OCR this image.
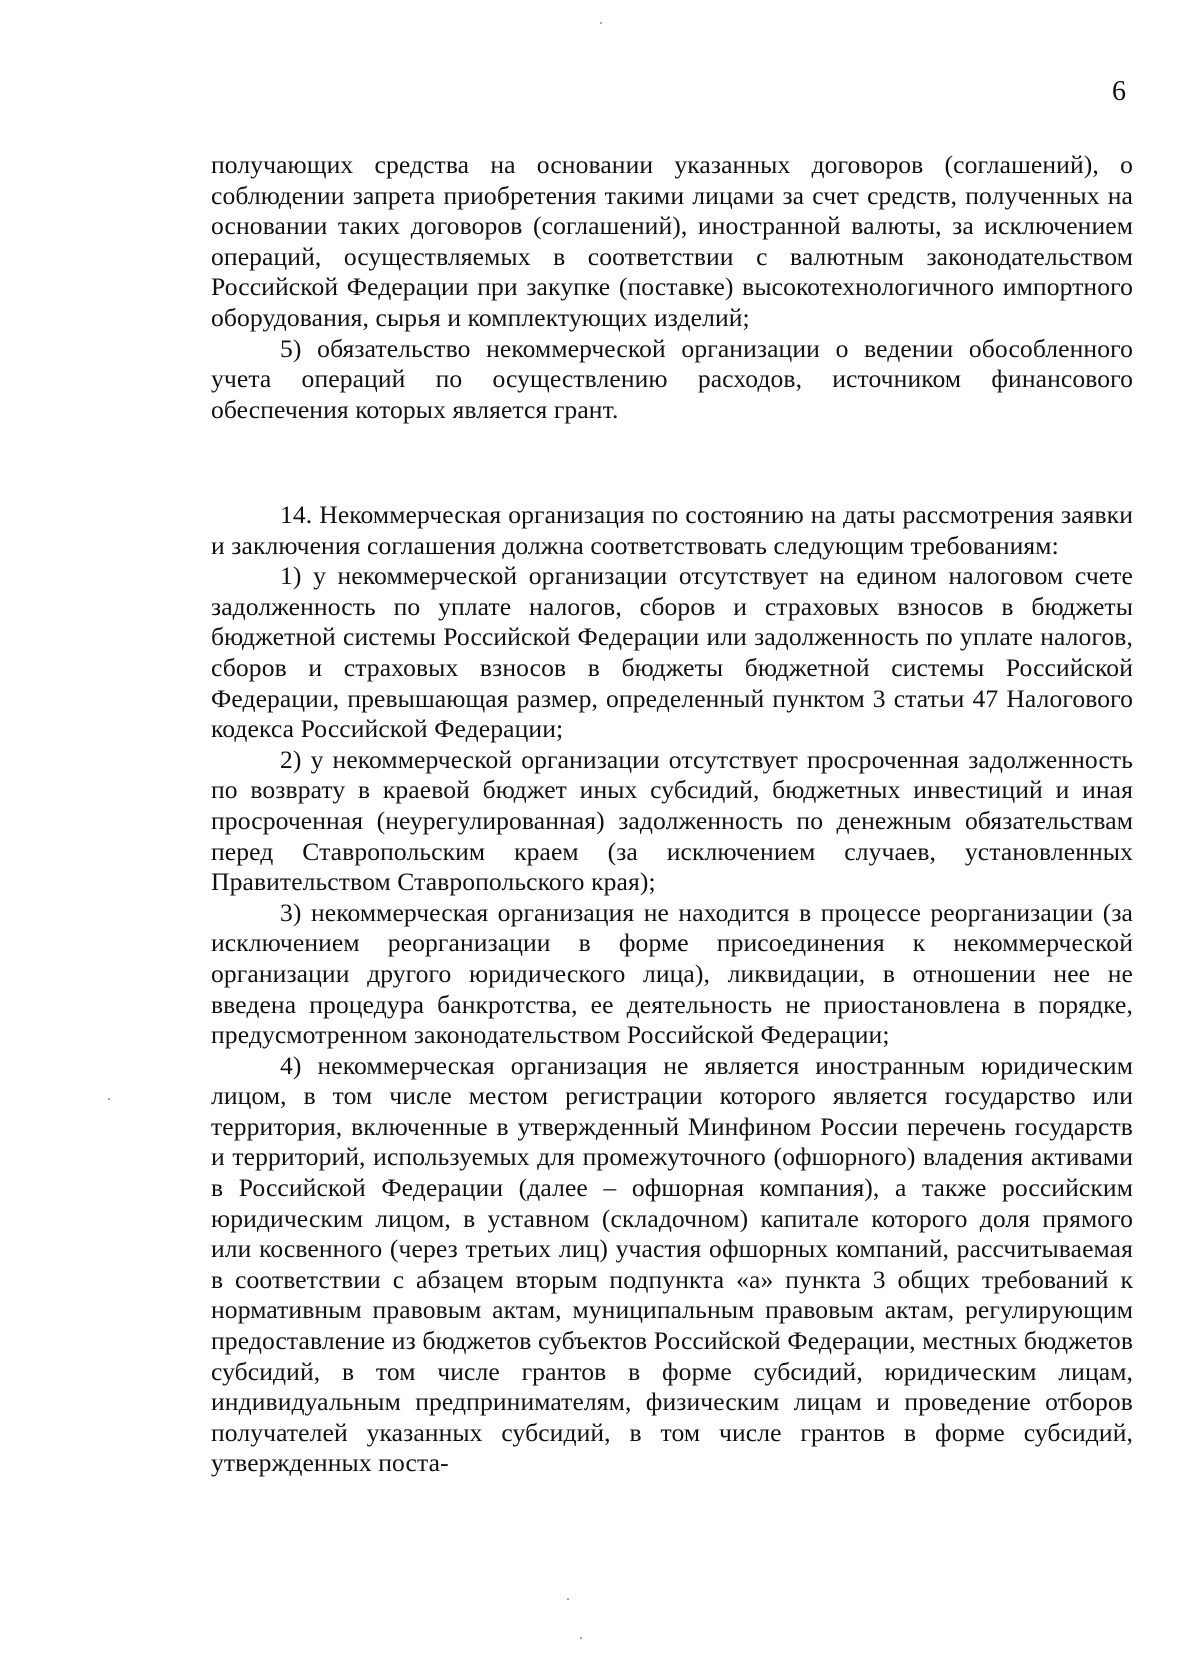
6

получающих средства на основании указанных договоров (соглашений), о соблюдении запрета приобретения такими лицами за счет средств, полученных на основании таких договоров (соглашений), иностранной валюты, за исключением операций, осуществляемых в соответствии с валютным законодательством Российской Федерации при закупке (поставке) высокотехнологичного импортного оборудования, сырья и комплектующих изделий;

5) обязательство некоммерческой организации о ведении обособленного учета операций по осуществлению расходов, источником финансового обеспечения которых является грант.

14. Некоммерческая организация по состоянию на даты рассмотрения заявки и заключения соглашения должна соответствовать следующим требованиям:

1) у некоммерческой организации отсутствует на едином налоговом счете задолженность по уплате налогов, сборов и страховых взносов в бюджеты бюджетной системы Российской Федерации или задолженность по уплате налогов, сборов и страховых взносов в бюджеты бюджетной системы Российской Федерации, превышающая размер, определенный пунктом 3 статьи 47 Налогового кодекса Российской Федерации;

2) у некоммерческой организации отсутствует просроченная задолженность по возврату в краевой бюджет иных субсидий, бюджетных инвестиций и иная просроченная (неурегулированная) задолженность по денежным обязательствам перед Ставропольским краем (за исключением случаев, установленных Правительством Ставропольского края);

3) некоммерческая организация не находится в процессе реорганизации (за исключением реорганизации в форме присоединения к некоммерческой организации другого юридического лица), ликвидации, в отношении нее не введена процедура банкротства, ее деятельность не приостановлена в порядке, предусмотренном законодательством Российской Федерации;

4) некоммерческая организация не является иностранным юридическим лицом, в том числе местом регистрации которого является государство или территория, включенные в утвержденный Минфином России перечень государств и территорий, используемых для промежуточного (офшорного) владения активами в Российской Федерации (далее – офшорная компания), а также российским юридическим лицом, в уставном (складочном) капитале которого доля прямого или косвенного (через третьих лиц) участия офшорных компаний, рассчитываемая в соответствии с абзацем вторым подпункта «а» пункта 3 общих требований к нормативным правовым актам, муниципальным правовым актам, регулирующим предоставление из бюджетов субъектов Российской Федерации, местных бюджетов субсидий, в том числе грантов в форме субсидий, юридическим лицам, индивидуальным предпринимателям, физическим лицам и проведение отборов получателей указанных субсидий, в том числе грантов в форме субсидий, утвержденных поста-
